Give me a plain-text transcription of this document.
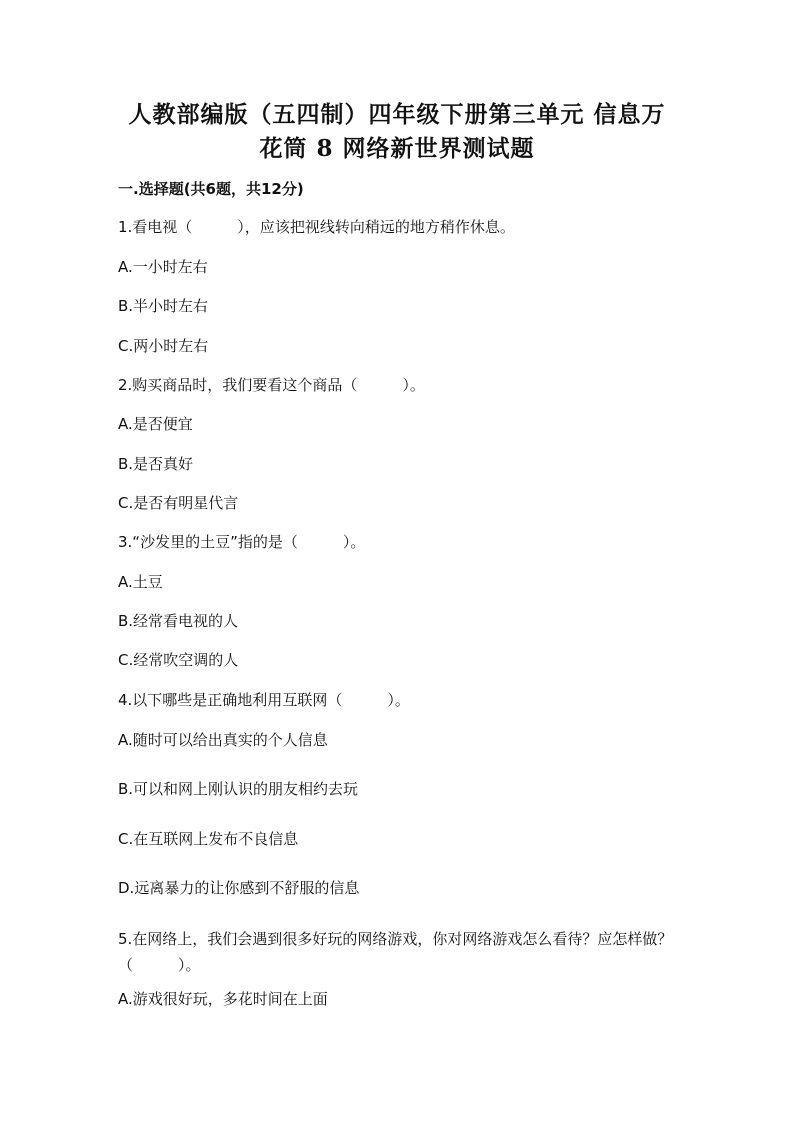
人教部编版（五四制）四年级下册第三单元 信息万
花筒 8 网络新世界测试题

一.选择题(共6题，共12分)

1.看电视（　　　），应该把视线转向稍远的地方稍作休息。

A.一小时左右

B.半小时左右

C.两小时左右

2.购买商品时，我们要看这个商品（　　　）。

A.是否便宜

B.是否真好

C.是否有明星代言

3.“沙发里的土豆”指的是（　　　）。

A.土豆

B.经常看电视的人

C.经常吹空调的人

4.以下哪些是正确地利用互联网（　　　）。

A.随时可以给出真实的个人信息

B.可以和网上刚认识的朋友相约去玩

C.在互联网上发布不良信息

D.远离暴力的让你感到不舒服的信息

5.在网络上，我们会遇到很多好玩的网络游戏，你对网络游戏怎么看待？应怎样做？（　　　）。

A.游戏很好玩，多花时间在上面
